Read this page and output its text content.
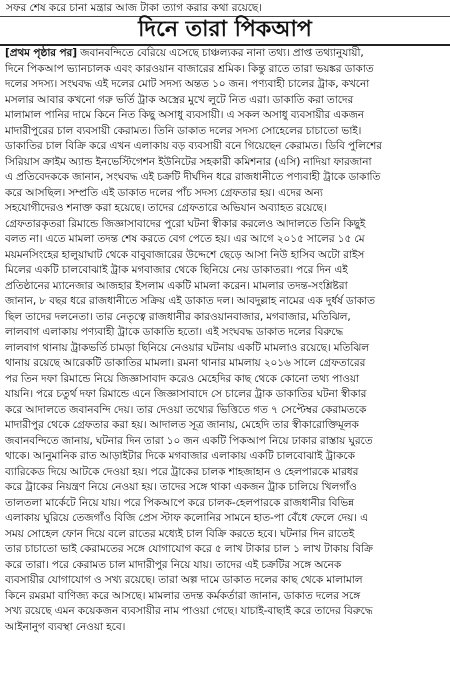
সফর শেষ করে চানা মন্ত্রার আজ টাকা ত্যাগ করার কথা রয়েছে।
দিনে তারা পিকআপ
[প্রথম পৃষ্ঠার পর] জবানবন্দিতে বেরিয়ে এসেছে চাঞ্চল্যকর নানা তথ্য। প্রাপ্ত তথ্যানুযায়ী,
দিনে পিকআপ ভ্যানচালক এবং কারওয়ান বাজারের শ্রমিক। কিন্তু রাতে তারা ভয়ঙ্কর ডাকাত
দলের সদস্য। সংঘবদ্ধ এই দলের মোট সদস্য অন্তত ১০ জন। পণ্যবাহী চালের ট্রাক, কখনো
মসলার আবার কখনো গরু ভর্তি ট্রাক অস্ত্রের মুখে লুটে নিত এরা। ডাকাতি করা তাদের
মালামাল পানির দামে কিনে নিত কিছু অসাধু ব্যবসায়ী। এ সকল অসাধু ব্যবসায়ীর একজন
মাদারীপুরের চাল ব্যবসায়ী কেরামত। তিনি ডাকাত দলের সদস্য সোহেলের চাচাতো ভাই।
ডাকাতির চাল বিক্রি করে এখন এলাকায় বড় ব্যবসায়ী বনে গিয়েছেন কেরামত। ডিবি পুলিশের
সিরিয়াস ক্রাইম অ্যান্ড ইনভেস্টিগেশন ইউনিটের সহকারী কমিশনার (এসি) নাদিয়া ফারজানা
এ প্রতিবেদককে জানান, সংঘবদ্ধ এই চক্রটি দীর্ঘদিন ধরে রাজধানীতে পণ্যবাহী ট্রাকে ডাকাতি
করে আসছিল। সম্প্রতি এই ডাকাত দলের পাঁচ সদস্য গ্রেফতার হয়। এদের অন্য
সহযোগীদেরও শনাক্ত করা হয়েছে। তাদের গ্রেফতারে অভিযান অব্যাহত রয়েছে।
গ্রেফতারকৃতরা রিমান্ডে জিজ্ঞাসাবাদের পুরো ঘটনা স্বীকার করলেও আদালতে তিনি কিছুই
বলত না। এতে মামলা তদন্ত শেষ করতে বেগ পেতে হয়। এর আগে ২০১৫ সালের ১৫ মে
ময়মনসিংহের হালুয়াঘাট থেকে বাবুবাজারের উদ্দেশে ছেড়ে আসা নিউ হাসিব অটো রাইস
মিলের একটি চালবোঝাই ট্রাক মগবাজার থেকে ছিনিয়ে নেয় ডাকাতরা। পরে দিন এই
প্রতিষ্ঠানের ম্যানেজার আজহার ইসলাম একটি মামলা করেন। মামলার তদন্ত-সংশ্লিষ্টরা
জানান, ৮ বছর ধরে রাজধানীতে সক্রিয় এই ডাকাত দল। আবদুল্লাহ নামের এক দুর্ধর্ষ ডাকাত
ছিল তাদের দলনেতা। তার নেতৃত্বে রাজধানীর কারওয়ানবাজার, মগবাজার, মতিঝিল,
লালবাগ এলাকায় পণ্যবাহী ট্রাকে ডাকাতি হতো। এই সংঘবদ্ধ ডাকাত দলের বিরুদ্ধে
লালবাগ থানায় ট্রাকভর্তি চামড়া ছিনিয়ে নেওয়ার ঘটনায় একটি মামলাও রয়েছে। মতিঝিল
থানায় রয়েছে আরেকটি ডাকাতির মামলা। রমনা থানার মামলায় ২০১৬ সালে গ্রেফতারের
পর তিন দফা রিমান্ডে নিয়ে জিজ্ঞাসাবাদ করেও মেহেদির কাছ থেকে কোনো তথ্য পাওয়া
যায়নি। পরে চতুর্থ দফা রিমান্ডে এনে জিজ্ঞাসাবাদে সে চালের ট্রাক ডাকাতির ঘটনা স্বীকার
করে আদালতে জবানবন্দি দেয়। তার দেওয়া তথ্যের ভিত্তিতে গত ৭ সেপ্টেম্বর কেরামতকে
মাদারীপুর থেকে গ্রেফতার করা হয়। আদালত সূত্র জানায়, মেহেদি তার স্বীকারোক্তিমূলক
জবানবন্দিতে জানায়, ঘটনার দিন তারা ১০ জন একটি পিকআপ নিয়ে ঢাকার রাস্তায় ঘুরতে
থাকে। আনুমানিক রাত আড়াইটার দিকে মগবাজার এলাকায় একটি চালবোঝাই ট্রাককে
ব্যারিকেড দিয়ে আটকে দেওয়া হয়। পরে ট্রাকের চালক শাহজাহান ও হেলপারকে মারধর
করে ট্রাকের নিয়ন্ত্রণ নিয়ে নেওয়া হয়। তাদের সঙ্গে থাকা একজন ট্রাক চালিয়ে খিলগাঁও
তালতলা মার্কেটে নিয়ে যায়। পরে পিকআপে করে চালক-হেলপারকে রাজধানীর বিভিন্ন
এলাকায় ঘুরিয়ে তেজগাঁও বিজি প্রেস স্টাফ কলোনির সামনে হাত-পা বেঁধে ফেলে দেয়। এ
সময় সোহেল ফোন দিয়ে বলে রাতের মধ্যেই চাল বিক্রি করতে হবে। ঘটনার দিন রাতেই
তার চাচাতো ভাই কেরামতের সঙ্গে যোগাযোগ করে ৫ লাখ টাকার চাল ১ লাখ টাকায় বিক্রি
করে তারা। পরে কেরামত চাল মাদারীপুর নিয়ে যায়। তাদের এই চক্রটির সঙ্গে অনেক
ব্যবসায়ীর যোগাযোগ ও সখ্য রয়েছে। তারা অল্প দামে ডাকাত দলের কাছ থেকে মালামাল
কিনে রমরমা বাণিজ্য করে আসছে। মামলার তদন্ত কর্মকর্তারা জানান, ডাকাত দলের সঙ্গে
সখ্য রয়েছে এমন কয়েকজন ব্যবসায়ীর নাম পাওয়া গেছে। যাচাই-বাছাই করে তাদের বিরুদ্ধে
আইনানুগ ব্যবস্থা নেওয়া হবে।
